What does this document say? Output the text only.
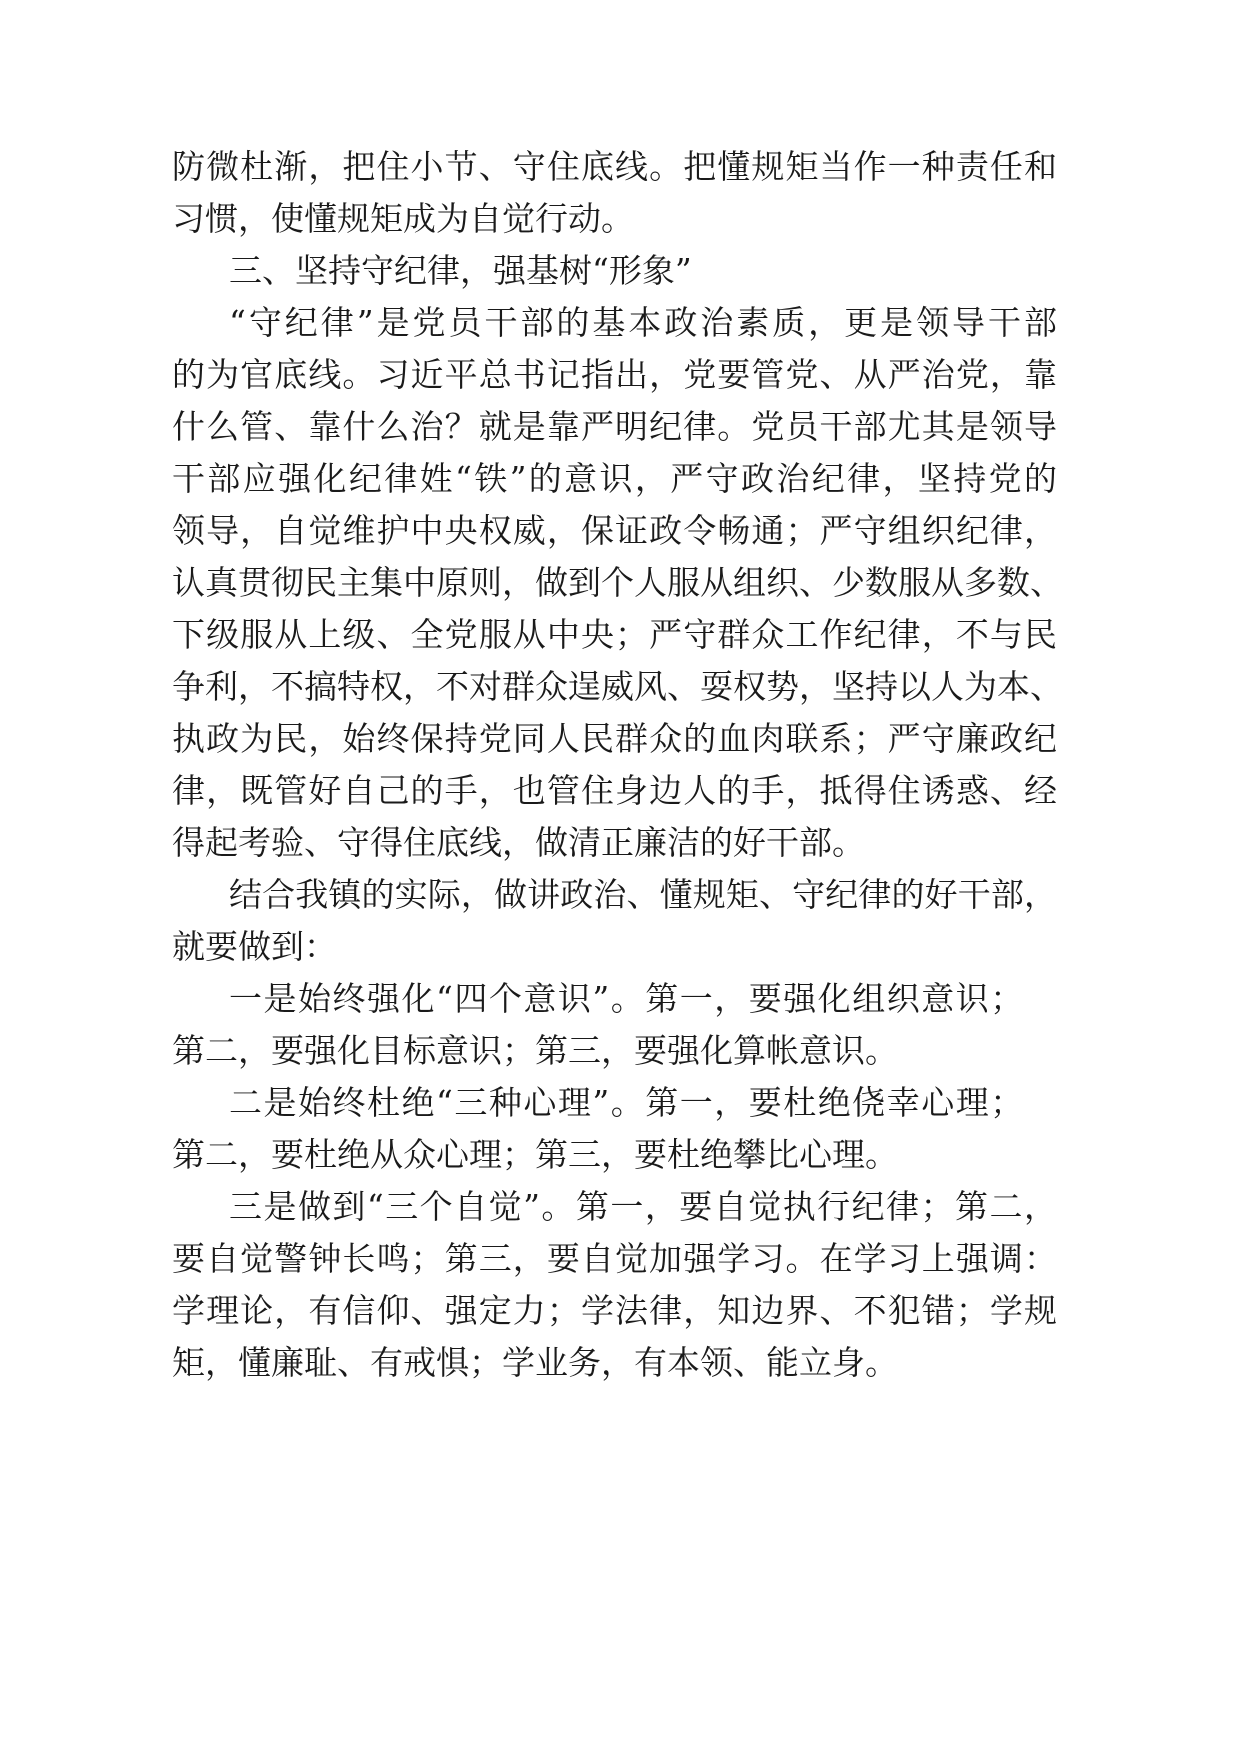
防微杜渐，把住小节、守住底线。把懂规矩当作一种责任和

习惯，使懂规矩成为自觉行动。

三、坚持守纪律，强基树“形象”

“守纪律”是党员干部的基本政治素质，更是领导干部

的为官底线。习近平总书记指出，党要管党、从严治党，靠

什么管、靠什么治？就是靠严明纪律。党员干部尤其是领导

干部应强化纪律姓“铁”的意识，严守政治纪律，坚持党的

领导，自觉维护中央权威，保证政令畅通；严守组织纪律，

认真贯彻民主集中原则，做到个人服从组织、少数服从多数、

下级服从上级、全党服从中央；严守群众工作纪律，不与民

争利，不搞特权，不对群众逞威风、耍权势，坚持以人为本、

执政为民，始终保持党同人民群众的血肉联系；严守廉政纪

律，既管好自己的手，也管住身边人的手，抵得住诱惑、经

得起考验、守得住底线，做清正廉洁的好干部。

结合我镇的实际，做讲政治、懂规矩、守纪律的好干部，

就要做到：

一是始终强化“四个意识”。第一，要强化组织意识；

第二，要强化目标意识；第三，要强化算帐意识。

二是始终杜绝“三种心理”。第一，要杜绝侥幸心理；

第二，要杜绝从众心理；第三，要杜绝攀比心理。

三是做到“三个自觉”。第一，要自觉执行纪律；第二，

要自觉警钟长鸣；第三，要自觉加强学习。在学习上强调：

学理论，有信仰、强定力；学法律，知边界、不犯错；学规

矩，懂廉耻、有戒惧；学业务，有本领、能立身。
